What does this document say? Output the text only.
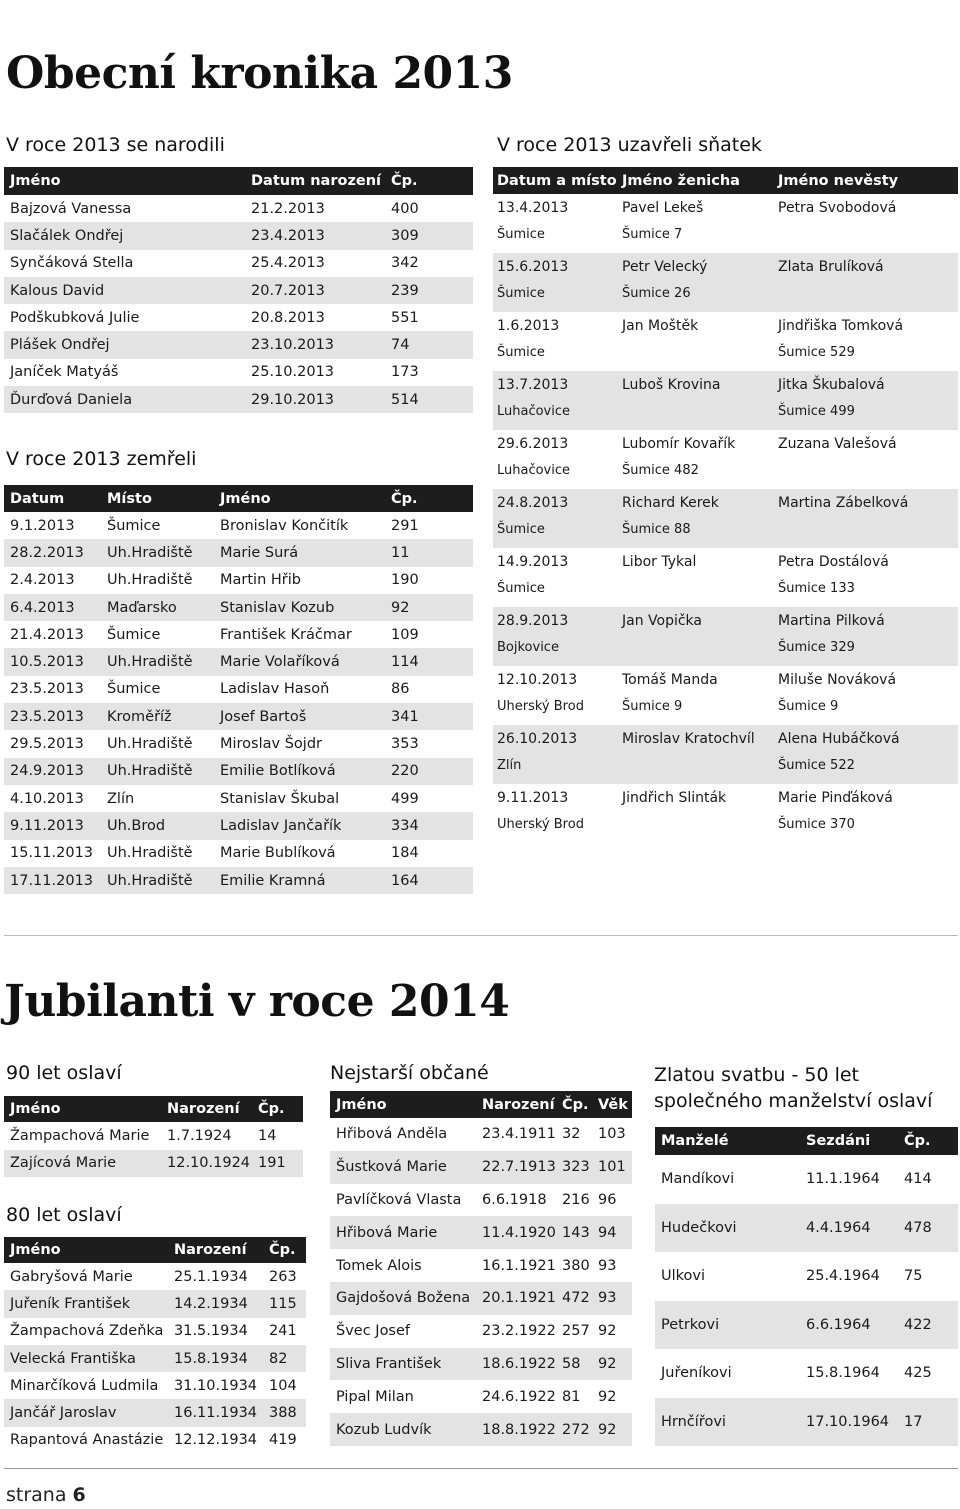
Obecní kronika 2013
V roce 2013 se narodili
Jméno	Datum narození	Čp.
Bajzová Vanessa	21.2.2013	400
Slačálek Ondřej	23.4.2013	309
Synčáková Stella	25.4.2013	342
Kalous David	20.7.2013	239
Podškubková Julie	20.8.2013	551
Plášek Ondřej	23.10.2013	74
Janíček Matyáš	25.10.2013	173
Ďurďová Daniela	29.10.2013	514
V roce 2013 zemřeli
Datum	Místo	Jméno	Čp.
9.1.2013	Šumice	Bronislav Končitík	291
28.2.2013	Uh.Hradiště	Marie Surá	11
2.4.2013	Uh.Hradiště	Martin Hřib	190
6.4.2013	Maďarsko	Stanislav Kozub	92
21.4.2013	Šumice	František Kráčmar	109
10.5.2013	Uh.Hradiště	Marie Volaříková	114
23.5.2013	Šumice	Ladislav Hasoň	86
23.5.2013	Kroměříž	Josef Bartoš	341
29.5.2013	Uh.Hradiště	Miroslav Šojdr	353
24.9.2013	Uh.Hradiště	Emilie Botlíková	220
4.10.2013	Zlín	Stanislav Škubal	499
9.11.2013	Uh.Brod	Ladislav Jančařík	334
15.11.2013	Uh.Hradiště	Marie Bublíková	184
17.11.2013	Uh.Hradiště	Emilie Kramná	164
V roce 2013 uzavřeli sňatek
Datum a místo	Jméno ženicha	Jméno nevěsty
13.4.2013	Pavel Lekeš	Petra Svobodová
Šumice	Šumice 7	

15.6.2013	Petr Velecký	Zlata Brulíková
Šumice	Šumice 26	

1.6.2013	Jan Moštěk	Jindřiška Tomková
Šumice		Šumice 529

13.7.2013	Luboš Krovina	Jitka Škubalová
Luhačovice		Šumice 499

29.6.2013	Lubomír Kovařík	Zuzana Valešová
Luhačovice	Šumice 482	

24.8.2013	Richard Kerek	Martina Zábelková
Šumice	Šumice 88	

14.9.2013	Libor Tykal	Petra Dostálová
Šumice		Šumice 133

28.9.2013	Jan Vopička	Martina Pilková
Bojkovice		Šumice 329

12.10.2013	Tomáš Manda	Miluše Nováková
Uherský Brod	Šumice 9	Šumice 9

26.10.2013	Miroslav Kratochvíl	Alena Hubáčková
Zlín		Šumice 522

9.11.2013	Jindřich Slinták	Marie Pinďáková
Uherský Brod		Šumice 370

Jubilanti v roce 2014
90 let oslaví
Jméno	Narození	Čp.
Žampachová Marie	1.7.1924	14
Zajícová Marie	12.10.1924	191
80 let oslaví
Jméno	Narození	Čp.
Gabryšová Marie	25.1.1934	263
Juřeník František	14.2.1934	115
Žampachová Zdeňka	31.5.1934	241
Velecká Františka	15.8.1934	82
Minarčíková Ludmila	31.10.1934	104
Jančář Jaroslav	16.11.1934	388
Rapantová Anastázie	12.12.1934	419
Nejstarší občané
Jméno	Narození	Čp.	Věk
Hřibová Anděla	23.4.1911	32	103
Šustková Marie	22.7.1913	323	101
Pavlíčková Vlasta	6.6.1918	216	96
Hřibová Marie	11.4.1920	143	94
Tomek Alois	16.1.1921	380	93
Gajdošová Božena	20.1.1921	472	93
Švec Josef	23.2.1922	257	92
Sliva František	18.6.1922	58	92
Pipal Milan	24.6.1922	81	92
Kozub Ludvík	18.8.1922	272	92
Zlatou svatbu - 50 let
společného manželství oslaví
Manželé	Sezdáni	Čp.
Mandíkovi	11.1.1964	414
Hudečkovi	4.4.1964	478
Ulkovi	25.4.1964	75
Petrkovi	6.6.1964	422
Juřeníkovi	15.8.1964	425
Hrnčířovi	17.10.1964	17
strana 6
